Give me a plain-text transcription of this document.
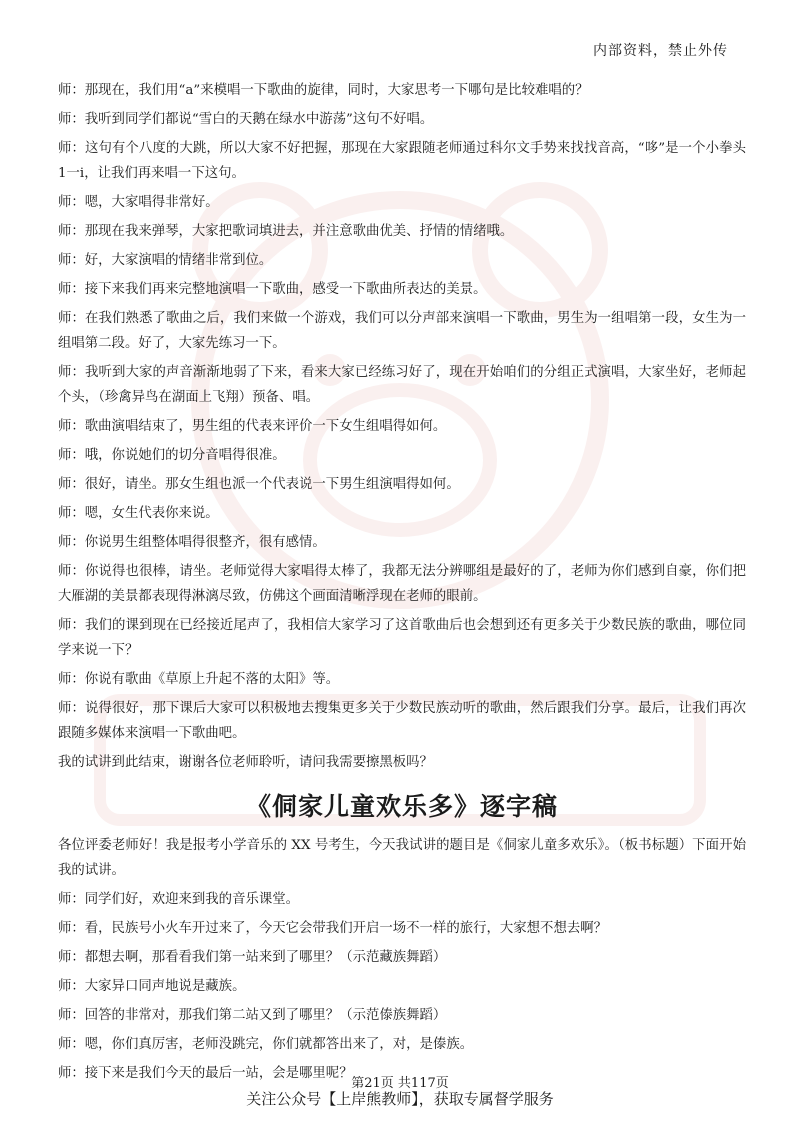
内部资料，禁止外传

师：那现在，我们用“a”来模唱一下歌曲的旋律，同时，大家思考一下哪句是比较难唱的？

师：我听到同学们都说“雪白的天鹅在绿水中游荡”这句不好唱。

师：这句有个八度的大跳，所以大家不好把握，那现在大家跟随老师通过科尔文手势来找找音高，“哆”是一个小拳头 1一i，让我们再来唱一下这句。

师：嗯，大家唱得非常好。

师：那现在我来弹琴，大家把歌词填进去，并注意歌曲优美、抒情的情绪哦。

师：好，大家演唱的情绪非常到位。

师：接下来我们再来完整地演唱一下歌曲，感受一下歌曲所表达的美景。

师：在我们熟悉了歌曲之后，我们来做一个游戏，我们可以分声部来演唱一下歌曲，男生为一组唱第一段，女生为一组唱第二段。好了，大家先练习一下。

师：我听到大家的声音渐渐地弱了下来，看来大家已经练习好了，现在开始咱们的分组正式演唱，大家坐好，老师起个头，（珍禽异鸟在湖面上飞翔）预备、唱。

师：歌曲演唱结束了，男生组的代表来评价一下女生组唱得如何。

师：哦，你说她们的切分音唱得很准。

师：很好，请坐。那女生组也派一个代表说一下男生组演唱得如何。

师：嗯，女生代表你来说。

师：你说男生组整体唱得很整齐，很有感情。

师：你说得也很棒，请坐。老师觉得大家唱得太棒了，我都无法分辨哪组是最好的了，老师为你们感到自豪，你们把大雁湖的美景都表现得淋漓尽致，仿佛这个画面清晰浮现在老师的眼前。

师：我们的课到现在已经接近尾声了，我相信大家学习了这首歌曲后也会想到还有更多关于少数民族的歌曲，哪位同学来说一下？

师：你说有歌曲《草原上升起不落的太阳》等。

师：说得很好，那下课后大家可以积极地去搜集更多关于少数民族动听的歌曲，然后跟我们分享。最后，让我们再次跟随多媒体来演唱一下歌曲吧。

我的试讲到此结束，谢谢各位老师聆听，请问我需要擦黑板吗？

《侗家儿童欢乐多》逐字稿

各位评委老师好！我是报考小学音乐的 XX 号考生，今天我试讲的题目是《侗家儿童多欢乐》。（板书标题）下面开始我的试讲。

师：同学们好，欢迎来到我的音乐课堂。

师：看，民族号小火车开过来了，今天它会带我们开启一场不一样的旅行，大家想不想去啊？

师：都想去啊，那看看我们第一站来到了哪里？（示范藏族舞蹈）

师：大家异口同声地说是藏族。

师：回答的非常对，那我们第二站又到了哪里？（示范傣族舞蹈）

师：嗯，你们真厉害，老师没跳完，你们就都答出来了，对，是傣族。

师：接下来是我们今天的最后一站，会是哪里呢？

第21页 共117页
关注公众号【上岸熊教师】，获取专属督学服务
